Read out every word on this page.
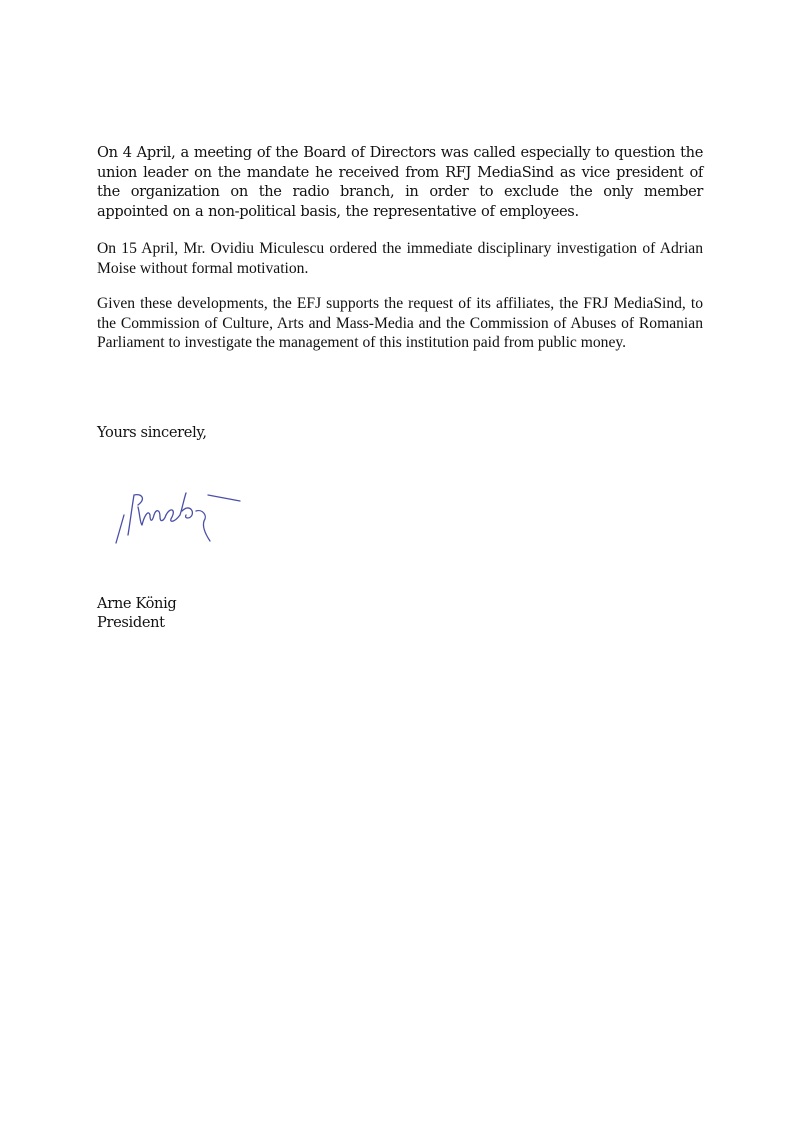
On 4 April, a meeting of the Board of Directors was called especially to question the union leader on the mandate he received from RFJ MediaSind as vice president of the organization on the radio branch, in order to exclude the only member appointed on a non-political basis, the representative of employees.

On 15 April, Mr. Ovidiu Miculescu ordered the immediate disciplinary investigation of Adrian Moise without formal motivation.

Given these developments, the EFJ supports the request of its affiliates, the FRJ MediaSind, to the Commission of Culture, Arts and Mass-Media and the Commission of Abuses of Romanian Parliament to investigate the management of this institution paid from public money.

Yours sincerely,

Arne König

President
